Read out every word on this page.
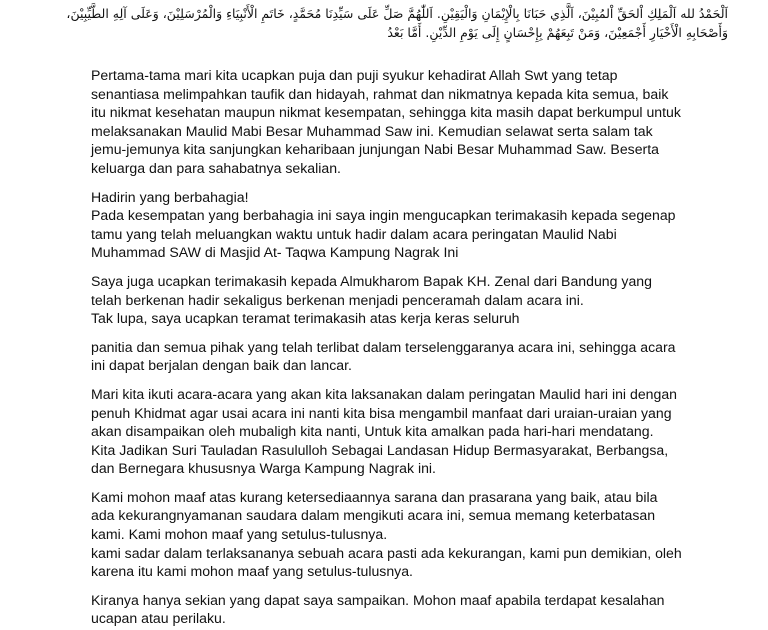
اَلْحَمْدُ لله اَلْمَلِكِ اْلحَقِّ اْلمُبِيْنَ، اَلَّذِي حَبَانَا بِالْإِيْمَانِ وَالْيَقِيْنِ. اَللّٰهُمَّ صَلِّ عَلَى سَيِّدِنَا مُحَمَّدٍ، خَاتَمِ الْأَنْبِيَاءِ وَالْمُرْسَلِيْنَ، وَعَلَى آلِهِ الطَّيِّبِيْنَ،
وَأَصْحَابِهِ الْأَخْيَارِ أَجْمَعِيْنَ، وَمَنْ تَبِعَهُمْ بِإِحْسَانٍ إِلَى يَوْمِ الدِّيْنِ. أَمَّا بَعْدُ

Pertama-tama mari kita ucapkan puja dan puji syukur kehadirat Allah Swt yang tetap
senantiasa melimpahkan taufik dan hidayah, rahmat dan nikmatnya kepada kita semua, baik
itu nikmat kesehatan maupun nikmat kesempatan, sehingga kita masih dapat berkumpul untuk
melaksanakan Maulid Mabi Besar Muhammad Saw ini. Kemudian selawat serta salam tak
jemu-jemunya kita sanjungkan keharibaan junjungan Nabi Besar Muhammad Saw. Beserta
keluarga dan para sahabatnya sekalian.

Hadirin yang berbahagia!
Pada kesempatan yang berbahagia ini saya ingin mengucapkan terimakasih kepada segenap
tamu yang telah meluangkan waktu untuk hadir dalam acara peringatan Maulid Nabi
Muhammad SAW di Masjid At- Taqwa Kampung Nagrak Ini

Saya juga ucapkan terimakasih kepada Almukharom Bapak KH. Zenal dari Bandung yang
telah berkenan hadir sekaligus berkenan menjadi penceramah dalam acara ini.
Tak lupa, saya ucapkan teramat terimakasih atas kerja keras seluruh

panitia dan semua pihak yang telah terlibat dalam terselenggaranya acara ini, sehingga acara
ini dapat berjalan dengan baik dan lancar.

Mari kita ikuti acara-acara yang akan kita laksanakan dalam peringatan Maulid hari ini dengan
penuh Khidmat agar usai acara ini nanti kita bisa mengambil manfaat dari uraian-uraian yang
akan disampaikan oleh mubaligh kita nanti, Untuk kita amalkan pada hari-hari mendatang.
Kita Jadikan Suri Tauladan Rasululloh Sebagai Landasan Hidup Bermasyarakat, Berbangsa,
dan Bernegara khususnya Warga Kampung Nagrak ini.

Kami mohon maaf atas kurang ketersediaannya sarana dan prasarana yang baik, atau bila
ada kekurangnyamanan saudara dalam mengikuti acara ini, semua memang keterbatasan
kami. Kami mohon maaf yang setulus-tulusnya.
kami sadar dalam terlaksananya sebuah acara pasti ada kekurangan, kami pun demikian, oleh
karena itu kami mohon maaf yang setulus-tulusnya.

Kiranya hanya sekian yang dapat saya sampaikan. Mohon maaf apabila terdapat kesalahan
ucapan atau perilaku.
